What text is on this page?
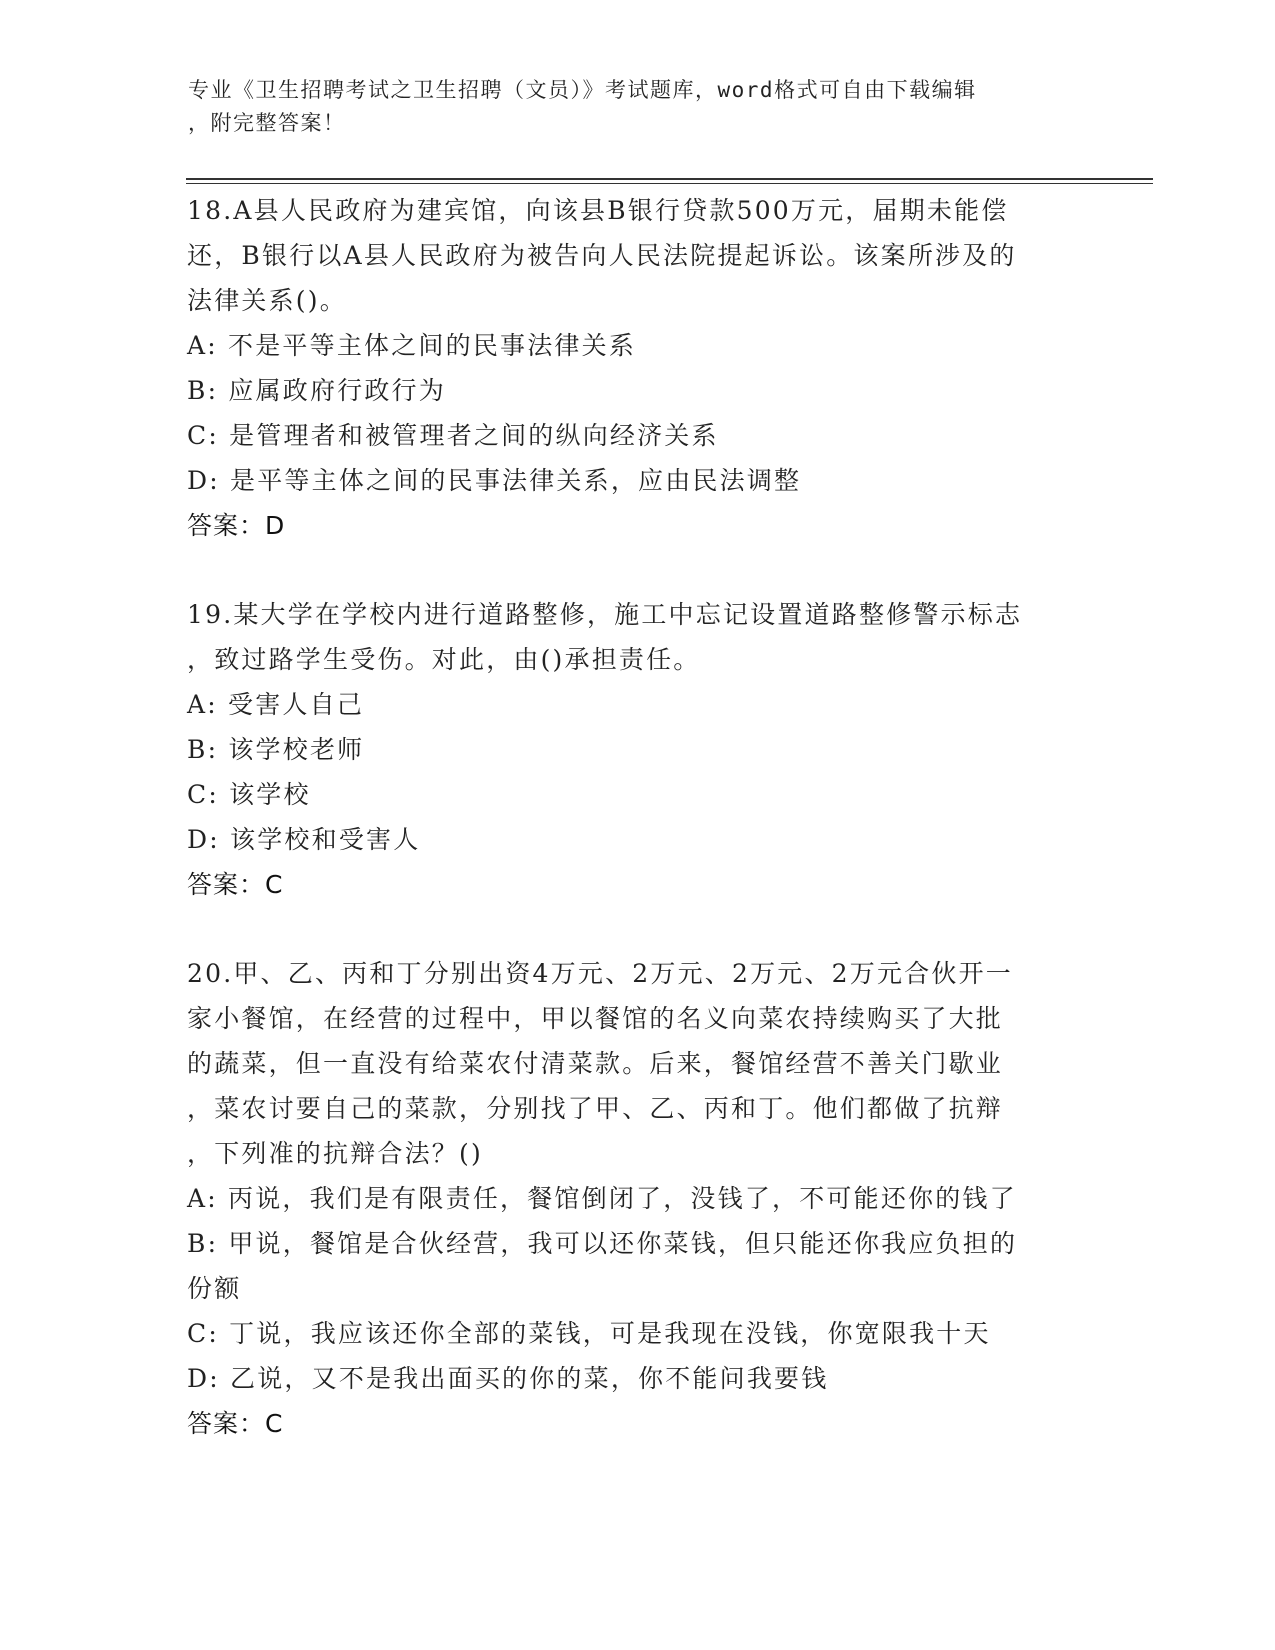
专业《卫生招聘考试之卫生招聘（文员）》考试题库，word格式可自由下载编辑
，附完整答案！
18.A县人民政府为建宾馆，向该县B银行贷款500万元，届期未能偿
还，B银行以A县人民政府为被告向人民法院提起诉讼。该案所涉及的
法律关系()。
A: 不是平等主体之间的民事法律关系
B: 应属政府行政行为
C: 是管理者和被管理者之间的纵向经济关系
D: 是平等主体之间的民事法律关系，应由民法调整
答案：D
19.某大学在学校内进行道路整修，施工中忘记设置道路整修警示标志
，致过路学生受伤。对此，由()承担责任。
A: 受害人自己
B: 该学校老师
C: 该学校
D: 该学校和受害人
答案：C
20.甲、乙、丙和丁分别出资4万元、2万元、2万元、2万元合伙开一
家小餐馆，在经营的过程中，甲以餐馆的名义向菜农持续购买了大批
的蔬菜，但一直没有给菜农付清菜款。后来，餐馆经营不善关门歇业
，菜农讨要自己的菜款，分别找了甲、乙、丙和丁。他们都做了抗辩
，下列准的抗辩合法？()
A: 丙说，我们是有限责任，餐馆倒闭了，没钱了，不可能还你的钱了
B: 甲说，餐馆是合伙经营，我可以还你菜钱，但只能还你我应负担的
份额
C: 丁说，我应该还你全部的菜钱，可是我现在没钱，你宽限我十天
D: 乙说，又不是我出面买的你的菜，你不能问我要钱
答案：C
